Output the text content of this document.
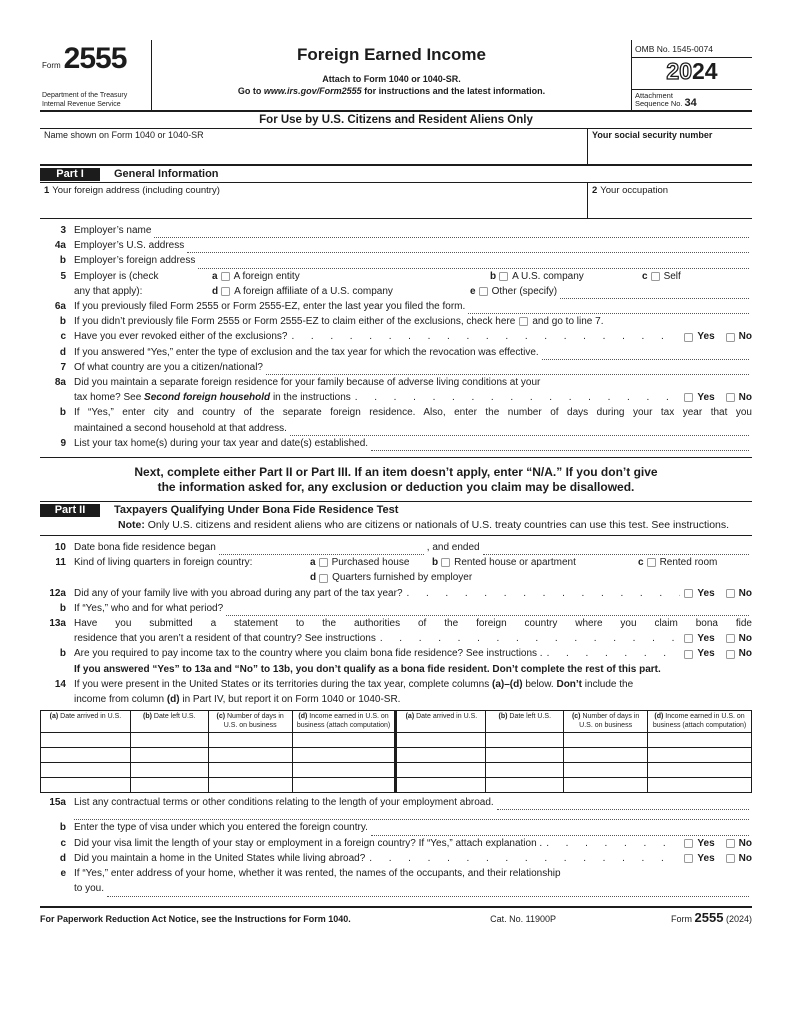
Form 2555
Department of the Treasury
Internal Revenue Service
Foreign Earned Income
Attach to Form 1040 or 1040-SR.
Go to www.irs.gov/Form2555 for instructions and the latest information.
OMB No. 1545-0074
2024
Attachment
Sequence No. 34
For Use by U.S. Citizens and Resident Aliens Only
Name shown on Form 1040 or 1040-SR	Your social security number
Part I	General Information
1 Your foreign address (including country)	2 Your occupation
3 Employer’s name
4a Employer’s U.S. address
b Employer’s foreign address
5 Employer is (check
any that apply):
a A foreign entity	b A U.S. company	c Self
d A foreign affiliate of a U.S. company	e Other (specify)
6a If you previously filed Form 2555 or Form 2555-EZ, enter the last year you filed the form.
b If you didn’t previously file Form 2555 or Form 2555-EZ to claim either of the exclusions, check here and go to line 7.
c Have you ever revoked either of the exclusions? .	Yes No
d If you answered “Yes,” enter the type of exclusion and the tax year for which the revocation was effective.
7 Of what country are you a citizen/national?
8a Did you maintain a separate foreign residence for your family because of adverse living conditions at your
tax home? See Second foreign household in the instructions .	Yes No
b If “Yes,” enter city and country of the separate foreign residence. Also, enter the number of days during your tax year that you
maintained a second household at that address.
9 List your tax home(s) during your tax year and date(s) established.
Next, complete either Part II or Part III. If an item doesn’t apply, enter “N/A.” If you don’t give
the information asked for, any exclusion or deduction you claim may be disallowed.
Part II	Taxpayers Qualifying Under Bona Fide Residence Test
Note: Only U.S. citizens and resident aliens who are citizens or nationals of U.S. treaty countries can use this test. See instructions.
10 Date bona fide residence began	, and ended
11 Kind of living quarters in foreign country:	a Purchased house b Rented house or apartment	c Rented room
d Quarters furnished by employer
12a Did any of your family live with you abroad during any part of the tax year? .	Yes No
b If “Yes,” who and for what period?
13a Have you submitted a statement to the authorities of the foreign country where you claim bona fide
residence that you aren’t a resident of that country? See instructions .	Yes No
b Are you required to pay income tax to the country where you claim bona fide residence? See instructions . .	Yes No
If you answered “Yes” to 13a and “No” to 13b, you don’t qualify as a bona fide resident. Don’t complete the rest of this part.
14 If you were present in the United States or its territories during the tax year, complete columns (a)–(d) below. Don’t include the
income from column (d) in Part IV, but report it on Form 1040 or 1040-SR.
(a) Date arrived in U.S.	(b) Date left U.S.	(c) Number of days in U.S. on business	(d) Income earned in U.S. on business (attach computation)	(a) Date arrived in U.S.	(b) Date left U.S.	(c) Number of days in U.S. on business	(d) Income earned in U.S. on business (attach computation)

15a List any contractual terms or other conditions relating to the length of your employment abroad.
b Enter the type of visa under which you entered the foreign country.
c Did your visa limit the length of your stay or employment in a foreign country? If “Yes,” attach explanation . .	Yes No
d Did you maintain a home in the United States while living abroad? .	Yes No
e If “Yes,” enter address of your home, whether it was rented, the names of the occupants, and their relationship
to you.
For Paperwork Reduction Act Notice, see the Instructions for Form 1040.	Cat. No. 11900P	Form 2555 (2024)
